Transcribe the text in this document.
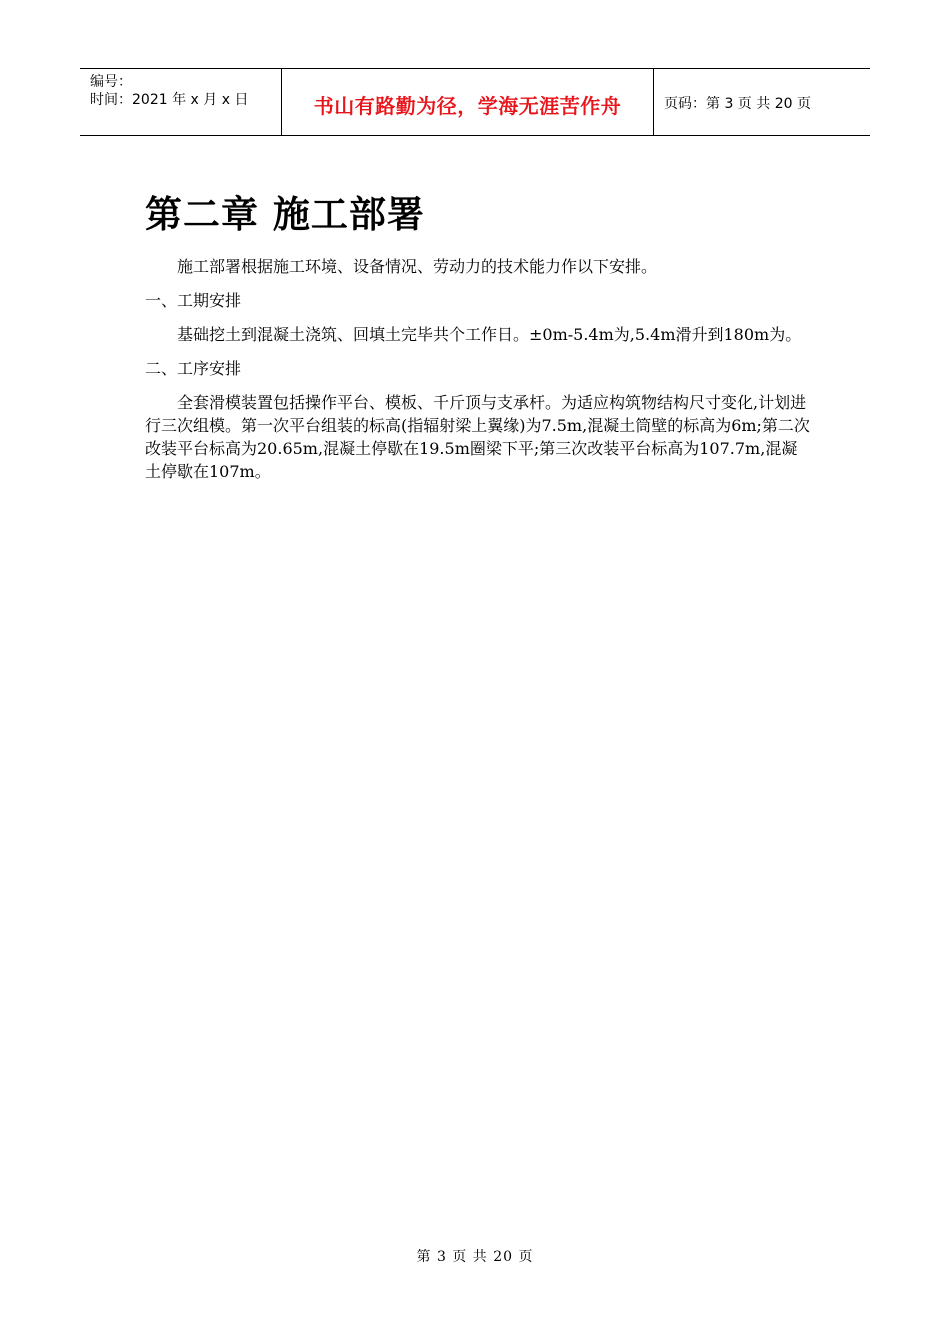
编号：
时间：2021 年 x 月 x 日	书山有路勤为径，学海无涯苦作舟	页码：第 3 页 共 20 页
第二章 施工部署

施工部署根据施工环境、设备情况、劳动力的技术能力作以下安排。

一、工期安排

基础挖土到混凝土浇筑、回填土完毕共个工作日。±0m-5.4m为,5.4m滑升到180m为。

二、工序安排

全套滑模装置包括操作平台、模板、千斤顶与支承杆。为适应构筑物结构尺寸变化,计划进行三次组模。第一次平台组装的标高(指辐射梁上翼缘)为7.5m,混凝土筒壁的标高为6m;第二次改装平台标高为20.65m,混凝土停歇在19.5m圈梁下平;第三次改装平台标高为107.7m,混凝土停歇在107m。

第 3 页 共 20 页
